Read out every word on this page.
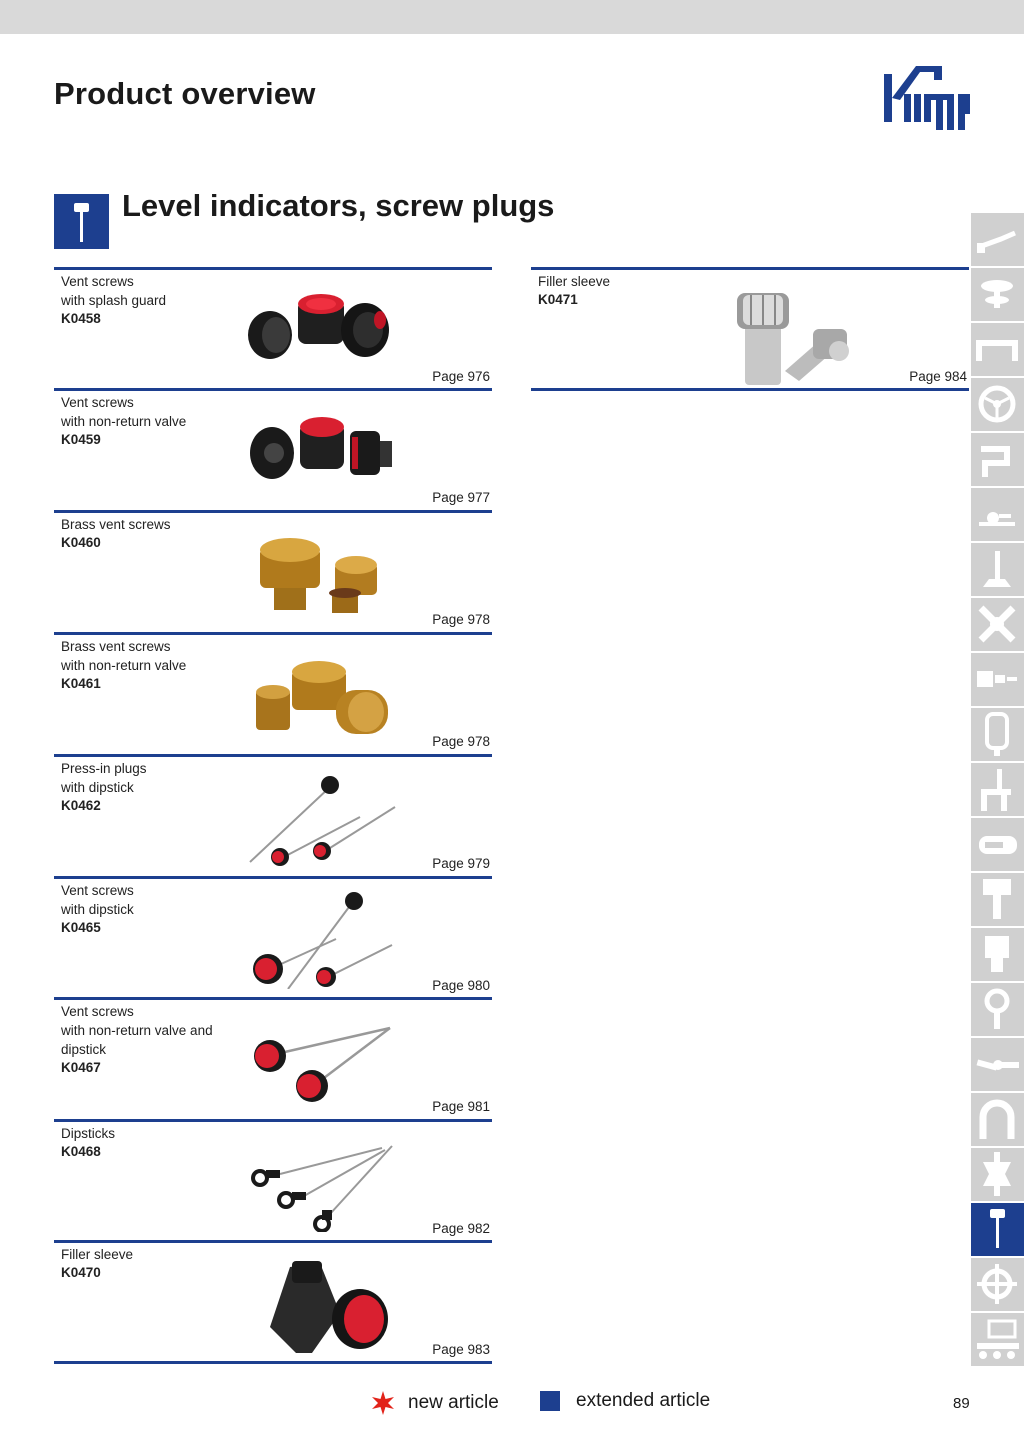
Product overview
Level indicators, screw plugs
Vent screws
with splash guard
K0458
Page 976
Vent screws
with non-return valve
K0459
Page 977
Brass vent screws
K0460
Page 978
Brass vent screws
with non-return valve
K0461
Page 978
Press-in plugs
with dipstick
K0462
Page 979
Vent screws
with dipstick
K0465
Page 980
Vent screws
with non-return valve and
dipstick
K0467
Page 981
Dipsticks
K0468
Page 982
Filler sleeve
K0470
Page 983
Filler sleeve
K0471
Page 984
new article	extended article	89
